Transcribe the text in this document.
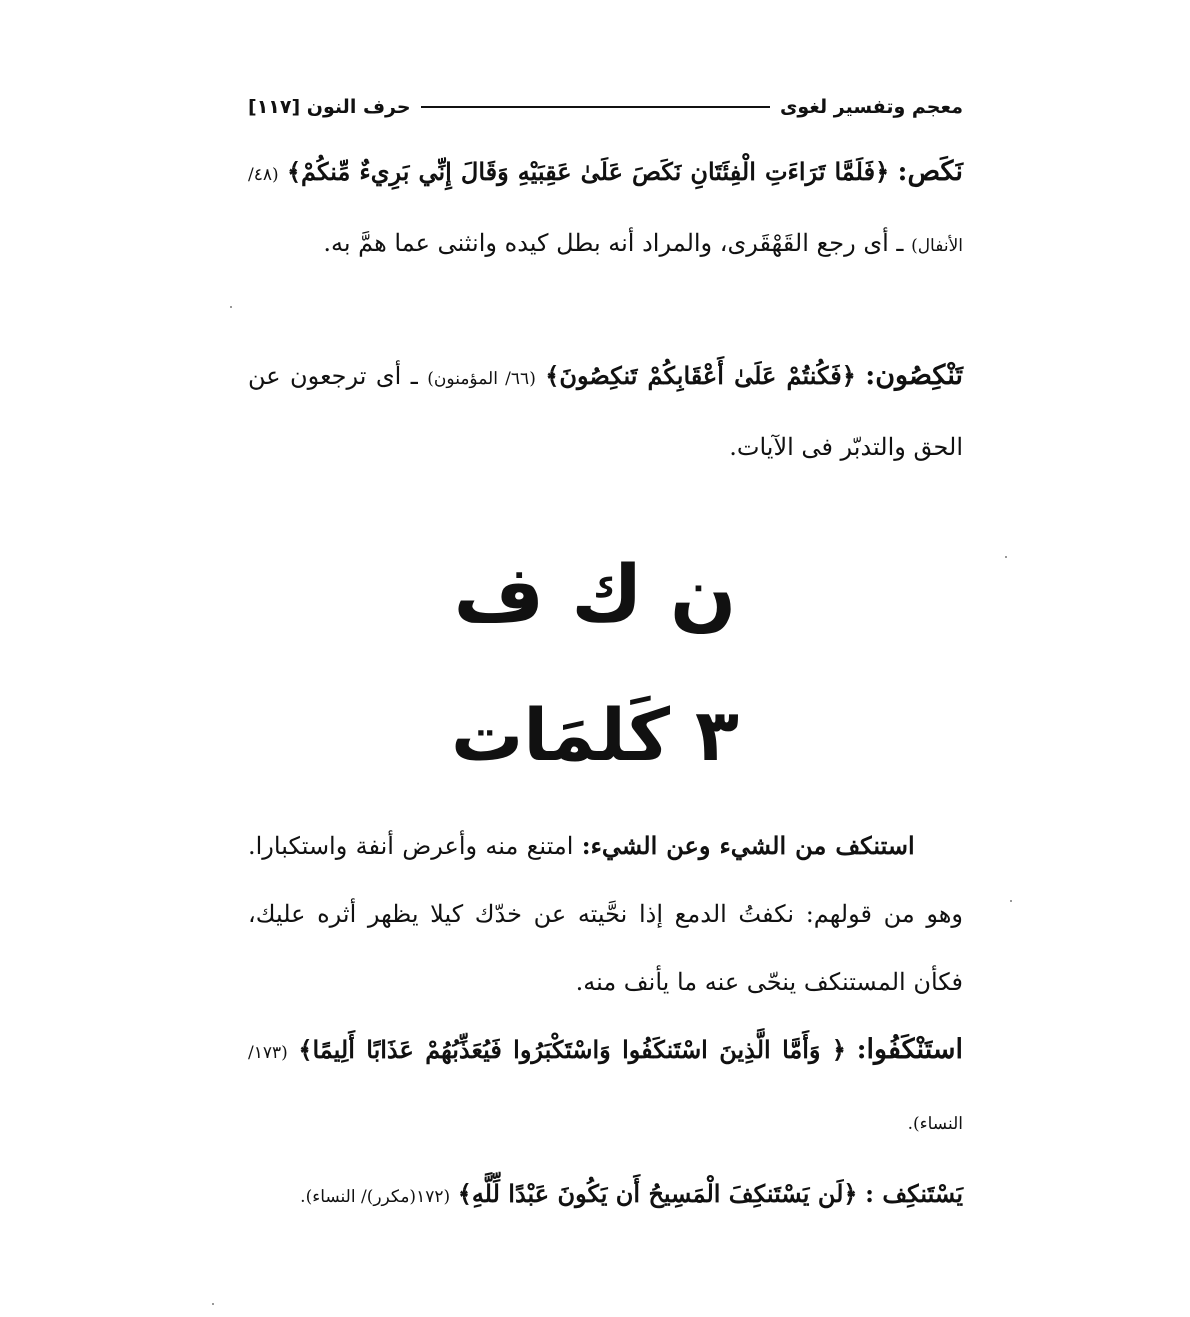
معجم وتفسير لغوى
حرف النون

[١١٧]

نَكَص: ﴿فَلَمَّا تَرَاءَتِ الْفِئَتَانِ نَكَصَ عَلَىٰ عَقِبَيْهِ وَقَالَ إِنِّي بَرِيءٌ مِّنكُمْ﴾ (٤٨/ الأنفال) ـ أى رجع القَهْقَرى، والمراد أنه بطل كيده وانثنى عما همَّ به.

تَنْكِصُون: ﴿فَكُنتُمْ عَلَىٰ أَعْقَابِكُمْ تَنكِصُونَ﴾ (٦٦/ المؤمنون) ـ أى ترجعون عن الحق والتدبّر فى الآيات.

ن ك ف
٣ كَلمَات

استنكف من الشيء وعن الشيء: امتنع منه وأعرض أنفة واستكبارا. وهو من قولهم: نكفتُ الدمع إذا نحَّيته عن خدّك كيلا يظهر أثره عليك، فكأن المستنكف ينحّى عنه ما يأنف منه.

استَنْكَفُوا: ﴿ وَأَمَّا الَّذِينَ اسْتَنكَفُوا وَاسْتَكْبَرُوا فَيُعَذِّبُهُمْ عَذَابًا أَلِيمًا﴾ (١٧٣/ النساء).

يَسْتَنكِف : ﴿لَن يَسْتَنكِفَ الْمَسِيحُ أَن يَكُونَ عَبْدًا لِّلَّهِ﴾ (١٧٢(مكرر)/ النساء).
